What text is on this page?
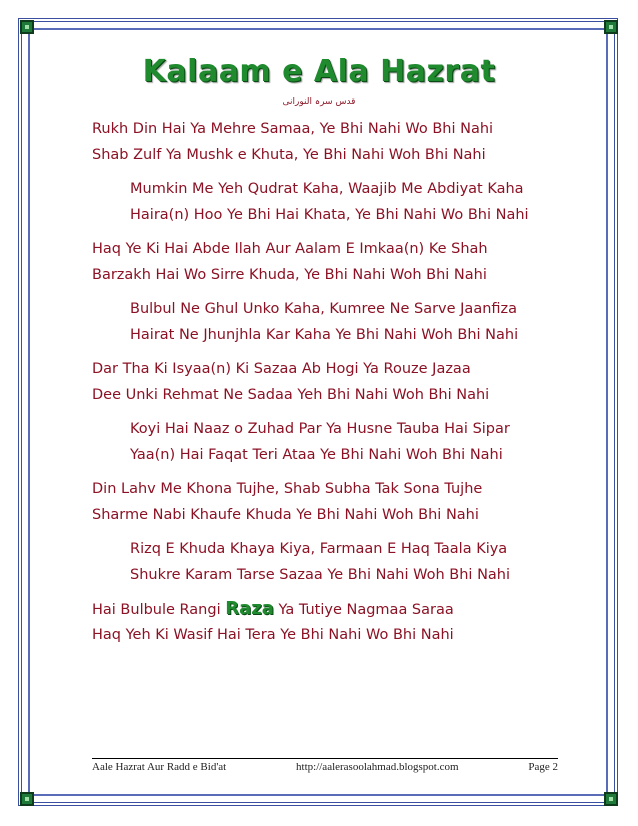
Kalaam e Ala Hazrat
قدس سرہ النورانی
Rukh Din Hai Ya Mehre Samaa, Ye Bhi Nahi Wo Bhi Nahi
Shab Zulf Ya Mushk e Khuta, Ye Bhi Nahi Woh Bhi Nahi
Mumkin Me Yeh Qudrat Kaha, Waajib Me Abdiyat Kaha
Haira(n) Hoo Ye Bhi Hai Khata, Ye Bhi Nahi Wo Bhi Nahi
Haq Ye Ki Hai Abde Ilah Aur Aalam E Imkaa(n) Ke Shah
Barzakh Hai Wo Sirre Khuda, Ye Bhi Nahi Woh Bhi Nahi
Bulbul Ne Ghul Unko Kaha, Kumree Ne Sarve Jaanfiza
Hairat Ne Jhunjhla Kar Kaha Ye Bhi Nahi Woh Bhi Nahi
Dar Tha Ki Isyaa(n) Ki Sazaa Ab Hogi Ya Rouze Jazaa
Dee Unki Rehmat Ne Sadaa Yeh Bhi Nahi Woh Bhi Nahi
Koyi Hai Naaz o Zuhad Par Ya Husne Tauba Hai Sipar
Yaa(n) Hai Faqat Teri Ataa Ye Bhi Nahi Woh Bhi Nahi
Din Lahv Me Khona Tujhe, Shab Subha Tak Sona Tujhe
Sharme Nabi Khaufe Khuda Ye Bhi Nahi Woh Bhi Nahi
Rizq E Khuda Khaya Kiya, Farmaan E Haq Taala Kiya
Shukre Karam Tarse Sazaa Ye Bhi Nahi Woh Bhi Nahi
Hai Bulbule Rangi Raza Ya Tutiye Nagmaa Saraa
Haq Yeh Ki Wasif Hai Tera Ye Bhi Nahi Wo Bhi Nahi
Aale Hazrat Aur Radd e Bid'at	http://aalerasoolahmad.blogspot.com	Page 2
